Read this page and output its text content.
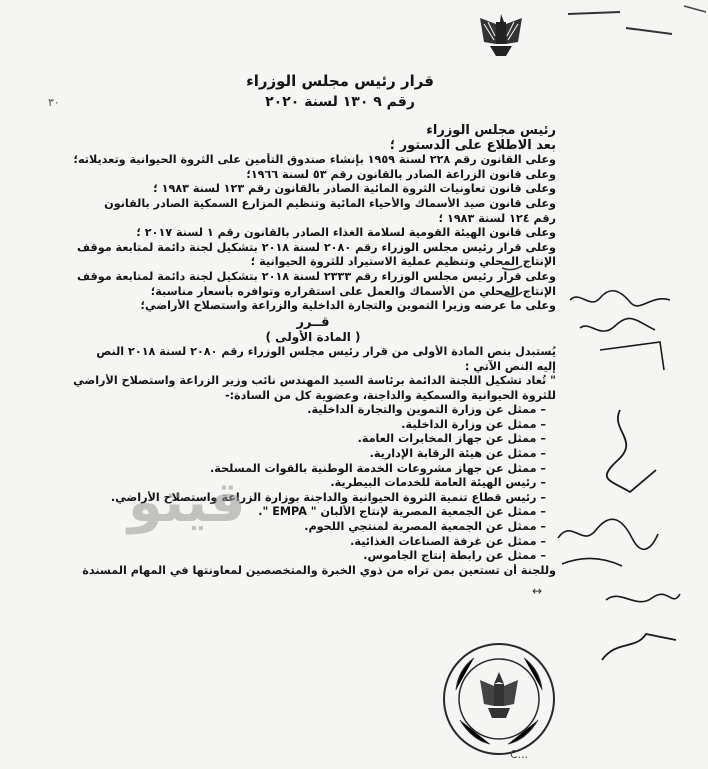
قرار رئيس مجلس الوزراء
رقم ٩ ١٣٠ لسنة ٢٠٢٠
٣٠
رئيس مجلس الوزراء
بعد الاطلاع على الدستور ؛
وعلى القانون رقم ٢٢٨ لسنة ١٩٥٩ بإنشاء صندوق التأمين على الثروة الحيوانية وتعديلاته؛
وعلى قانون الزراعة الصادر بالقانون رقم ٥٣ لسنة ١٩٦٦؛
وعلى قانون تعاونيات الثروة المائية الصادر بالقانون رقم ١٢٣ لسنة ١٩٨٣ ؛
وعلى قانون صيد الأسماك والأحياء المائية وتنظيم المزارع السمكية الصادر بالقانون
رقم ١٢٤ لسنة ١٩٨٣ ؛
وعلى قانون الهيئة القومية لسلامة الغذاء الصادر بالقانون رقم ١ لسنة ٢٠١٧ ؛
وعلى قرار رئيس مجلس الوزراء رقم ٢٠٨٠ لسنة ٢٠١٨ بتشكيل لجنة دائمة لمتابعة موقف
الإنتاج المحلي وتنظيم عملية الاستيراد للثروة الحيوانية ؛
وعلى قرار رئيس مجلس الوزراء رقم ٢٣٣٣ لسنة ٢٠١٨ بتشكيل لجنة دائمة لمتابعة موقف
الإنتاج المحلي من الأسماك والعمل على استقراره وتوافره بأسعار مناسبة؛
وعلى ما عرضه وزيرا التموين والتجارة الداخلية والزراعة واستصلاح الأراضي؛
قــرر
( المادة الأولى )
يُستبدل بنص المادة الأولى من قرار رئيس مجلس الوزراء رقم ٢٠٨٠ لسنة ٢٠١٨ النص
إليه النص الآتي :
" تُعاد تشكيل اللجنة الدائمة برئاسة السيد المهندس نائب وزير الزراعة واستصلاح الأراضي
للثروة الحيوانية والسمكية والداجنة، وعضوية كل من السادة:-
– ممثل عن وزارة التموين والتجارة الداخلية.
– ممثل عن وزارة الداخلية.
– ممثل عن جهاز المخابرات العامة.
– ممثل عن هيئة الرقابة الإدارية.
– ممثل عن جهاز مشروعات الخدمة الوطنية بالقوات المسلحة.
– رئيس الهيئة العامة للخدمات البيطرية.
– رئيس قطاع تنمية الثروة الحيوانية والداجنة بوزارة الزراعة واستصلاح الأراضي.
– ممثل عن الجمعية المصرية لإنتاج الألبان " EMPA ".
– ممثل عن الجمعية المصرية لمنتجي اللحوم.
– ممثل عن غرفة الصناعات الغذائية.
– ممثل عن رابطة إنتاج الجاموس.
وللجنة أن تستعين بمن تراه من ذوي الخبرة والمتخصصين لمعاونتها في المهام المسندة
قيتو
↔
C...
